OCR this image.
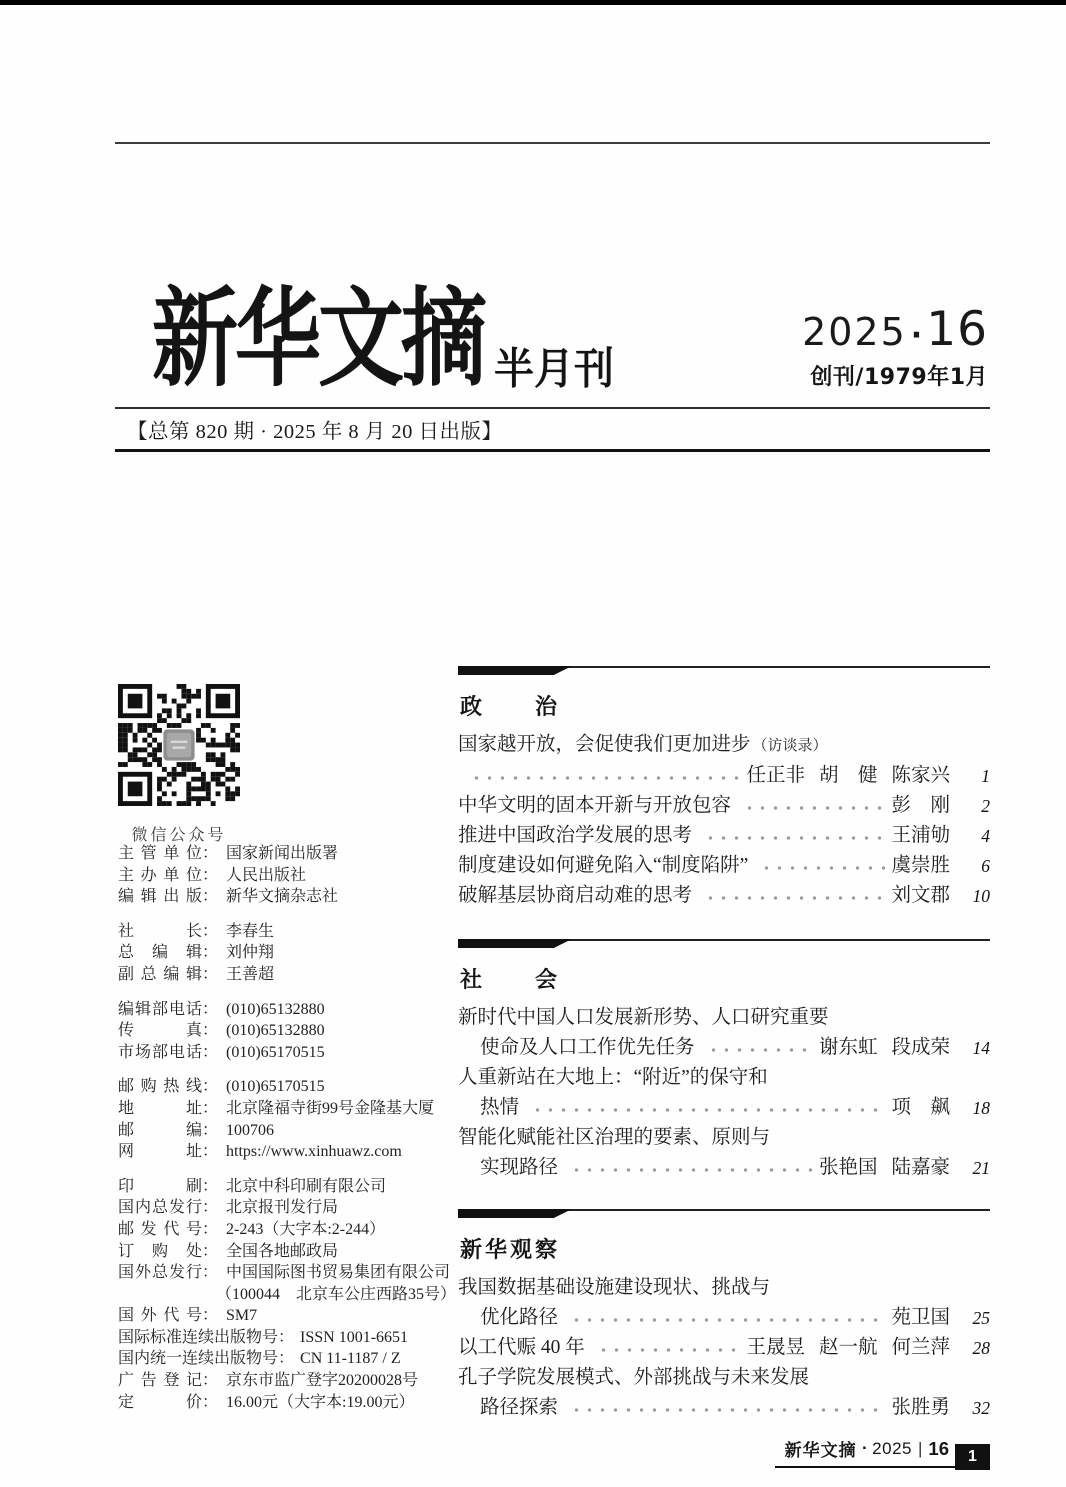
新华文摘 半月刊
2025 · 16
创刊/1979年1月
【总第 820 期 · 2025 年 8 月 20 日出版】
微信公众号
主管单位： 国家新闻出版署
主办单位： 人民出版社
编辑出版： 新华文摘杂志社
社长： 李春生
总编辑： 刘仲翔
副总编辑： 王善超
编辑部电话： (010)65132880
传真： (010)65132880
市场部电话： (010)65170515
邮购热线： (010)65170515
地址： 北京隆福寺街99号金隆基大厦
邮编： 100706
网址： https://www.xinhuawz.com
印刷： 北京中科印刷有限公司
国内总发行： 北京报刊发行局
邮发代号： 2-243（大字本:2-244）
订购处： 全国各地邮政局
国外总发行： 中国国际图书贸易集团有限公司
（100044　北京车公庄西路35号）
国外代号： SM7
国际标准连续出版物号： ISSN 1001-6651
国内统一连续出版物号： CN 11-1187 / Z
广告登记： 京东市监广登字20200028号
定价： 16.00元（大字本:19.00元）
政　　治
国家越开放，会促使我们更加进步 （访谈录）
任正非 胡　健 陈家兴	1
中华文明的固本开新与开放包容	彭　刚	2
推进中国政治学发展的思考	王浦劬	4
制度建设如何避免陷入“制度陷阱”	虞崇胜	6
破解基层协商启动难的思考	刘文郡	10
社　　会
新时代中国人口发展新形势、人口研究重要
使命及人口工作优先任务	谢东虹 段成荣	14
人重新站在大地上：“附近”的保守和
热情	项　飙	18
智能化赋能社区治理的要素、原则与
实现路径	张艳国 陆嘉豪	21
新华观察
我国数据基础设施建设现状、挑战与
优化路径	苑卫国	25
以工代赈 40 年	王晟昱 赵一航 何兰萍	28
孔子学院发展模式、外部挑战与未来发展
路径探索	张胜勇	32
新华文摘 ▪ 2025 | 16	1
